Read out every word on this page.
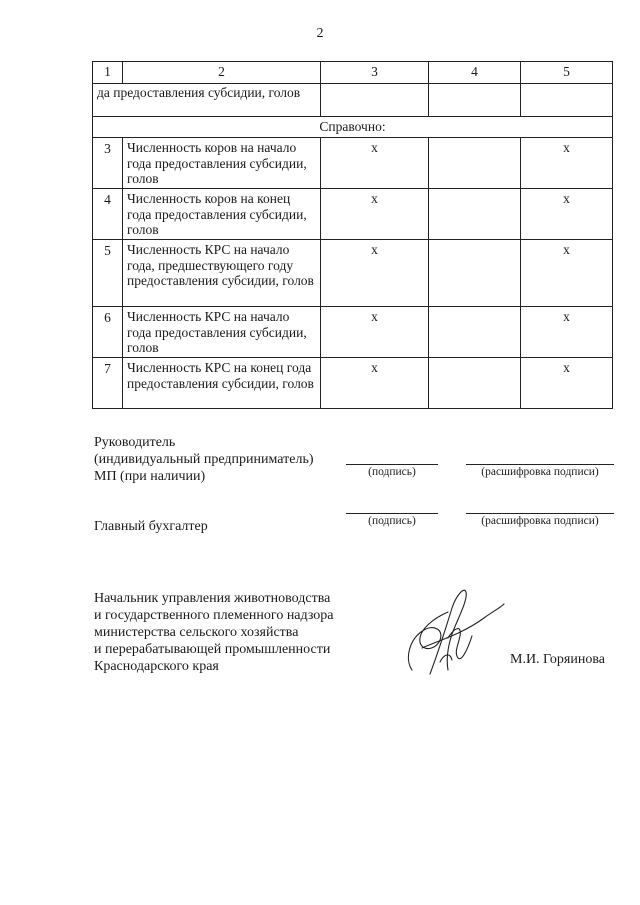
2
1	2	3	4	5
да предоставления субсидии, голов				
Справочно:				
3	Численность коров на начало года предоставления субсидии, голов	x		x
4	Численность коров на конец года предоставления субсидии, голов	x		x
5	Численность КРС на начало года, предшествующего году предоставления субсидии, голов	x		x
6	Численность КРС на начало года предоставления субсидии, голов	x		x
7	Численность КРС на конец года предоставления субсидии, голов	x		x
Руководитель
(индивидуальный предприниматель)
МП (при наличии)	(подпись)	(расшифровка подписи)
Главный бухгалтер	(подпись)	(расшифровка подписи)
Начальник управления животноводства
и государственного племенного надзора
министерства сельского хозяйства
и перерабатывающей промышленности
Краснодарского края	М.И. Горяинова
